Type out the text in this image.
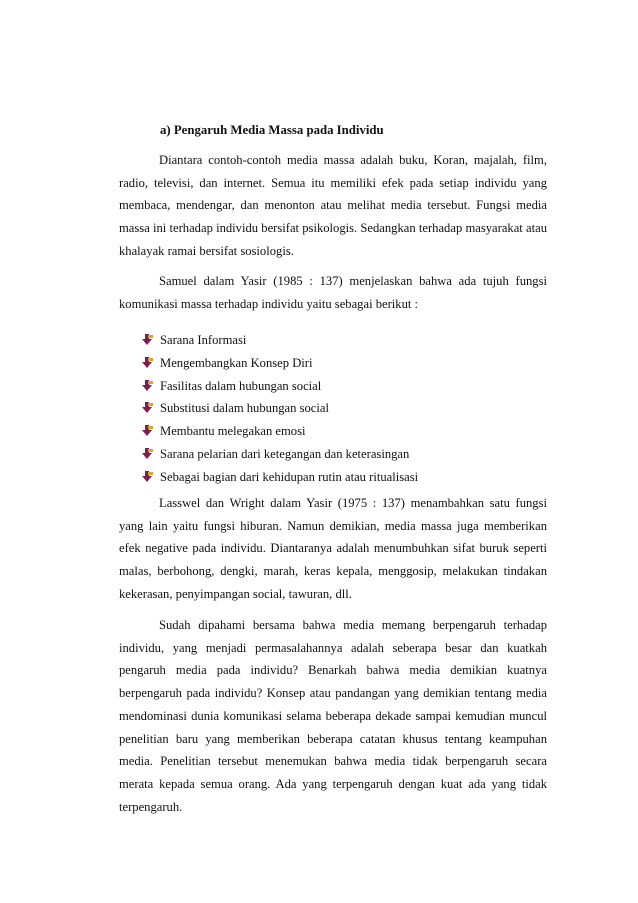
a) Pengaruh Media Massa pada Individu

Diantara contoh-contoh media massa adalah buku, Koran, majalah, film, radio, televisi, dan internet. Semua itu memiliki efek pada setiap individu yang membaca, mendengar, dan menonton atau melihat media tersebut. Fungsi media massa ini terhadap individu bersifat psikologis. Sedangkan terhadap masyarakat atau khalayak ramai bersifat sosiologis.

Samuel dalam Yasir (1985 : 137) menjelaskan bahwa ada tujuh fungsi komunikasi massa terhadap individu yaitu sebagai berikut :

Sarana Informasi
Mengembangkan Konsep Diri
Fasilitas dalam hubungan social
Substitusi dalam hubungan social
Membantu melegakan emosi
Sarana pelarian dari ketegangan dan keterasingan
Sebagai bagian dari kehidupan rutin atau ritualisasi

Lasswel dan Wright dalam Yasir (1975 : 137) menambahkan satu fungsi yang lain yaitu fungsi hiburan. Namun demikian, media massa juga memberikan efek negative pada individu. Diantaranya adalah menumbuhkan sifat buruk seperti malas, berbohong, dengki, marah, keras kepala, menggosip, melakukan tindakan kekerasan, penyimpangan social, tawuran, dll.

Sudah dipahami bersama bahwa media memang berpengaruh terhadap individu, yang menjadi permasalahannya adalah seberapa besar dan kuatkah pengaruh media pada individu? Benarkah bahwa media demikian kuatnya berpengaruh pada individu? Konsep atau pandangan yang demikian tentang media mendominasi dunia komunikasi selama beberapa dekade sampai kemudian muncul penelitian baru yang memberikan beberapa catatan khusus tentang keampuhan media. Penelitian tersebut menemukan bahwa media tidak berpengaruh secara merata kepada semua orang. Ada yang terpengaruh dengan kuat ada yang tidak terpengaruh.
